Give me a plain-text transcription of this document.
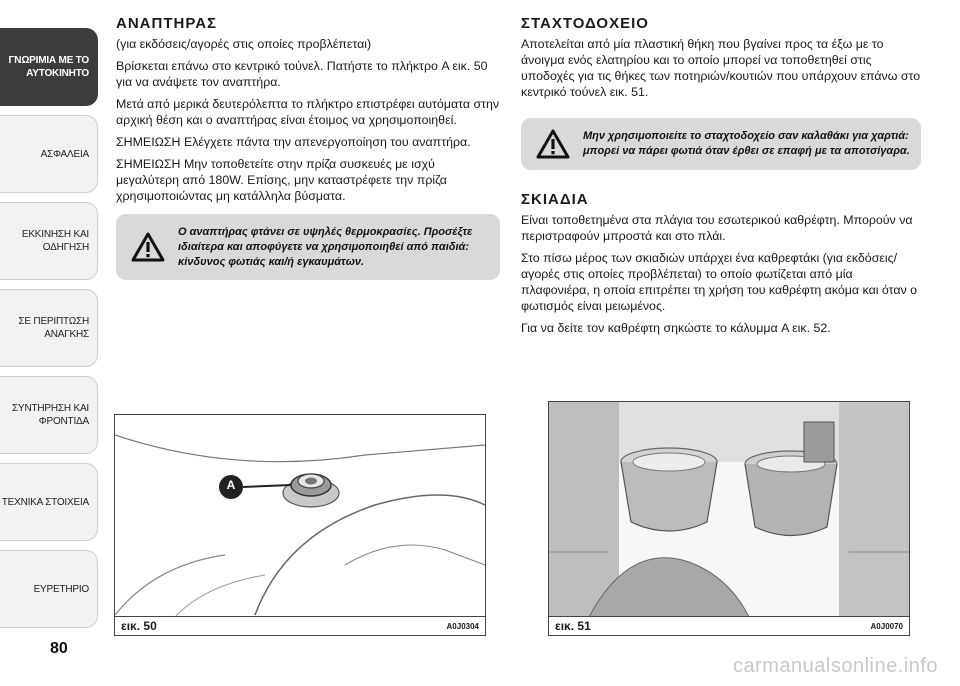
ΓΝΩΡΙΜΙΑ ΜΕ ΤΟ ΑΥΤΟΚΙΝΗΤΟ
ΑΣΦΑΛΕΙΑ
ΕΚΚΙΝΗΣΗ ΚΑΙ ΟΔΗΓΗΣΗ
ΣΕ ΠΕΡΙΠΤΩΣΗ ΑΝΑΓΚΗΣ
ΣΥΝΤΗΡΗΣΗ ΚΑΙ ΦΡΟΝΤΙΔΑ
ΤΕΧΝΙΚΑ ΣΤΟΙΧΕΙΑ
ΕΥΡΕΤΗΡΙΟ
80
ΑΝΑΠΤΗΡΑΣ

(για εκδόσεις/αγορές στις οποίες προβλέπεται)

Βρίσκεται επάνω στο κεντρικό τούνελ. Πατήστε το πλήκτρο A εικ. 50 για να ανάψετε τον αναπτήρα.

Μετά από μερικά δευτερόλεπτα το πλήκτρο επιστρέφει αυτόματα στην αρχική θέση και ο αναπτήρας είναι έτοιμος να χρησιμοποιηθεί.

ΣΗΜΕΙΩΣΗ Ελέγχετε πάντα την απενεργοποίηση του αναπτήρα.

ΣΗΜΕΙΩΣΗ Μην τοποθετείτε στην πρίζα συσκευές με ισχύ μεγαλύτερη από 180W. Επίσης, μην καταστρέφετε την πρίζα χρησιμοποιώντας μη κατάλληλα βύσματα.

Ο αναπτήρας φτάνει σε υψηλές θερμοκρασίες. Προσέξτε ιδιαίτερα και αποφύγετε να χρησιμοποιηθεί από παιδιά: κίνδυνος φωτιάς και/ή εγκαυμάτων.
ΣΤΑΧΤΟΔΟΧΕΙΟ

Αποτελείται από μία πλαστική θήκη που βγαίνει προς τα έξω με το άνοιγμα ενός ελατηρίου και το οποίο μπορεί να τοποθετηθεί στις υποδοχές για τις θήκες των ποτηριών/κουτιών που υπάρχουν επάνω στο κεντρικό τούνελ εικ. 51.

Μην χρησιμοποιείτε το σταχτοδοχείο σαν καλαθάκι για χαρτιά: μπορεί να πάρει φωτιά όταν έρθει σε επαφή με τα αποτσίγαρα.
ΣΚΙΑΔΙΑ

Είναι τοποθετημένα στα πλάγια του εσωτερικού καθρέφτη. Μπορούν να περιστραφούν μπροστά και στο πλάι.

Στο πίσω μέρος των σκιαδιών υπάρχει ένα καθρεφτάκι (για εκδόσεις/αγορές στις οποίες προβλέπεται) το οποίο φωτίζεται από μία πλαφονιέρα, η οποία επιτρέπει τη χρήση του καθρέφτη ακόμα και όταν ο φωτισμός είναι μειωμένος.

Για να δείτε τον καθρέφτη σηκώστε το κάλυμμα A εικ. 52.

A
εικ. 50	A0J0304	εικ. 51	A0J0070
carmanualsonline.info
